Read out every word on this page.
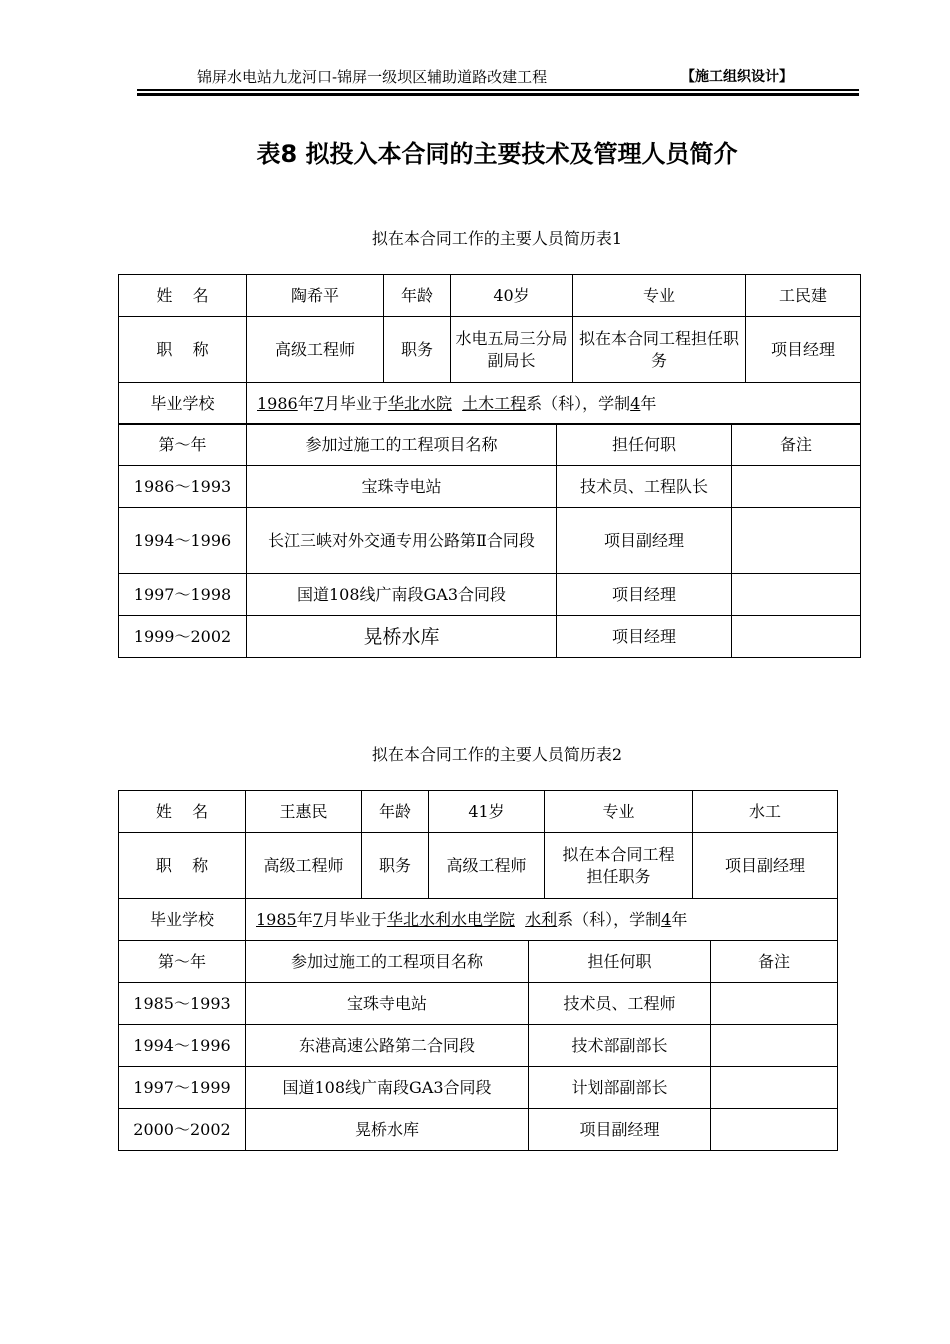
锦屏水电站九龙河口-锦屏一级坝区辅助道路改建工程	【施工组织设计】
表8 拟投入本合同的主要技术及管理人员简介
拟在本合同工作的主要人员简历表1
姓    名	陶希平	年龄	40岁	专业	工民建
职    称	高级工程师	职务	水电五局三分局副局长	拟在本合同工程担任职务	项目经理
毕业学校	1986年7月毕业于华北水院 土木工程系（科），学制4年				
第～年	参加过施工的工程项目名称	担任何职	备注
1986～1993	宝珠寺电站	技术员、工程队长	
1994～1996	长江三峡对外交通专用公路第Ⅱ合同段	项目副经理	
1997～1998	国道108线广南段GA3合同段	项目经理	
1999～2002	晃桥水库	项目经理	
拟在本合同工作的主要人员简历表2
姓    名	王惠民	年龄	41岁	专业	水工
职    称	高级工程师	职务	高级工程师	拟在本合同工程担任职务	项目副经理
毕业学校	1985年7月毕业于华北水利水电学院 水利系（科），学制4年				
第～年	参加过施工的工程项目名称	担任何职	备注
1985～1993	宝珠寺电站	技术员、工程师	
1994～1996	东港高速公路第二合同段	技术部副部长	
1997～1999	国道108线广南段GA3合同段	计划部副部长	
2000～2002	晃桥水库	项目副经理	
